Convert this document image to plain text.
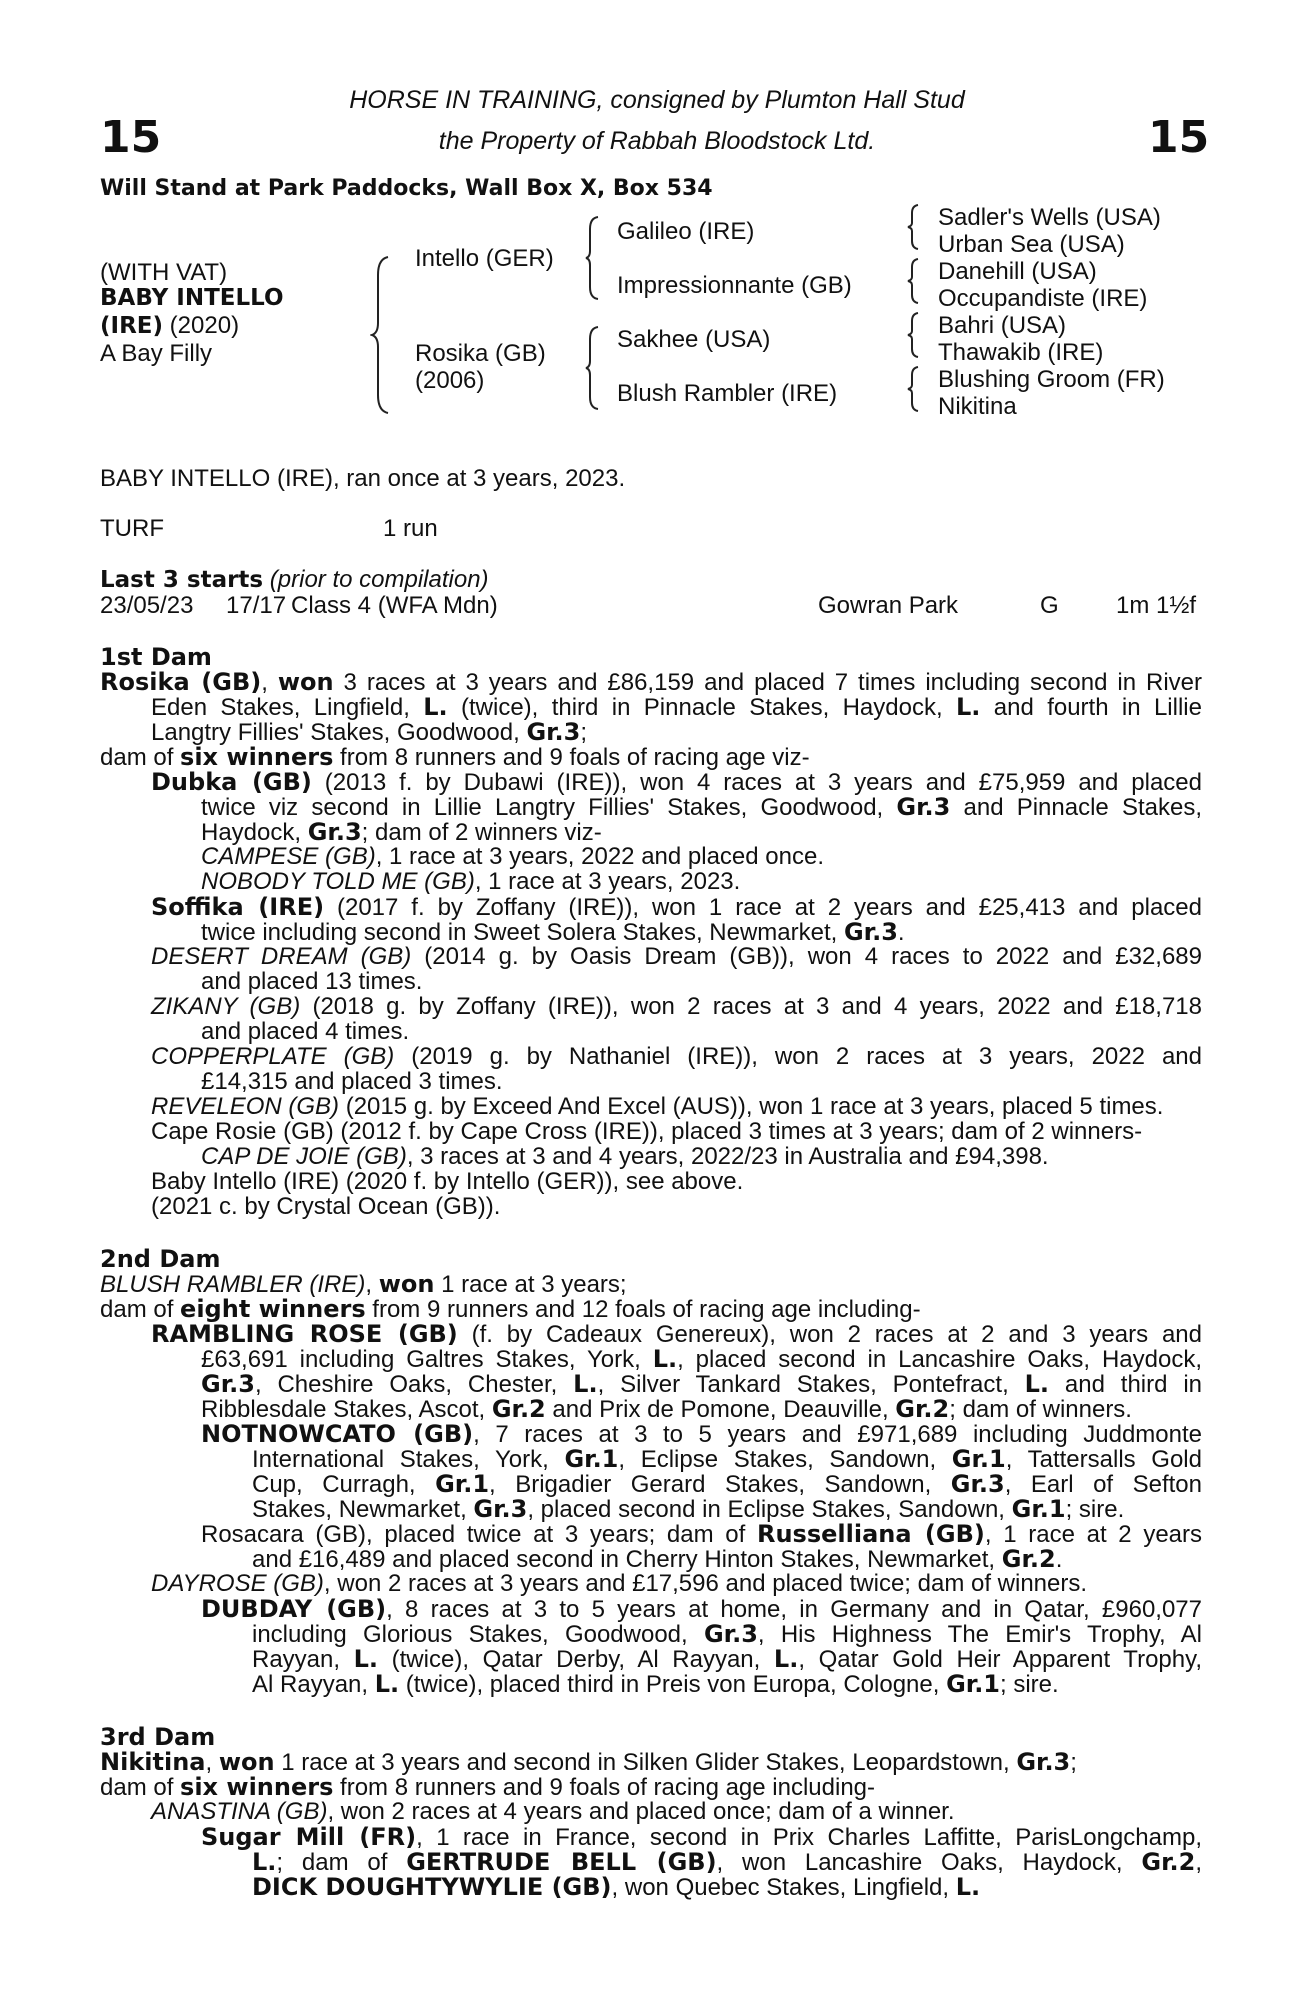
15	15
HORSE IN TRAINING, consigned by Plumton Hall Stud
the Property of Rabbah Bloodstock Ltd.
Will Stand at Park Paddocks, Wall Box X, Box 534
(WITH VAT)
BABY INTELLO
(IRE) (2020)
A Bay Filly
Intello (GER)
Rosika (GB)
(2006)
Galileo (IRE)
Impressionnante (GB)
Sakhee (USA)
Blush Rambler (IRE)
Sadler's Wells (USA)
Urban Sea (USA)
Danehill (USA)
Occupandiste (IRE)
Bahri (USA)
Thawakib (IRE)
Blushing Groom (FR)
Nikitina
BABY INTELLO (IRE), ran once at 3 years, 2023.
TURF	1 run
Last 3 starts (prior to compilation)
23/05/23 17/17 Class 4 (WFA Mdn)	Gowran Park	G 1m 1½f
1st Dam
Rosika (GB), won 3 races at 3 years and £86,159 and placed 7 times including second in River
Eden Stakes, Lingfield, L. (twice), third in Pinnacle Stakes, Haydock, L. and fourth in Lillie
Langtry Fillies' Stakes, Goodwood, Gr.3;
dam of six winners from 8 runners and 9 foals of racing age viz-
Dubka (GB) (2013 f. by Dubawi (IRE)), won 4 races at 3 years and £75,959 and placed
twice viz second in Lillie Langtry Fillies' Stakes, Goodwood, Gr.3 and Pinnacle Stakes,
Haydock, Gr.3; dam of 2 winners viz-
CAMPESE (GB), 1 race at 3 years, 2022 and placed once.
NOBODY TOLD ME (GB), 1 race at 3 years, 2023.
Soffika (IRE) (2017 f. by Zoffany (IRE)), won 1 race at 2 years and £25,413 and placed
twice including second in Sweet Solera Stakes, Newmarket, Gr.3.
DESERT DREAM (GB) (2014 g. by Oasis Dream (GB)), won 4 races to 2022 and £32,689
and placed 13 times.
ZIKANY (GB) (2018 g. by Zoffany (IRE)), won 2 races at 3 and 4 years, 2022 and £18,718
and placed 4 times.
COPPERPLATE (GB) (2019 g. by Nathaniel (IRE)), won 2 races at 3 years, 2022 and
£14,315 and placed 3 times.
REVELEON (GB) (2015 g. by Exceed And Excel (AUS)), won 1 race at 3 years, placed 5 times.
Cape Rosie (GB) (2012 f. by Cape Cross (IRE)), placed 3 times at 3 years; dam of 2 winners-
CAP DE JOIE (GB), 3 races at 3 and 4 years, 2022/23 in Australia and £94,398.
Baby Intello (IRE) (2020 f. by Intello (GER)), see above.
(2021 c. by Crystal Ocean (GB)).
2nd Dam
BLUSH RAMBLER (IRE), won 1 race at 3 years;
dam of eight winners from 9 runners and 12 foals of racing age including-
RAMBLING ROSE (GB) (f. by Cadeaux Genereux), won 2 races at 2 and 3 years and
£63,691 including Galtres Stakes, York, L., placed second in Lancashire Oaks, Haydock,
Gr.3, Cheshire Oaks, Chester, L., Silver Tankard Stakes, Pontefract, L. and third in
Ribblesdale Stakes, Ascot, Gr.2 and Prix de Pomone, Deauville, Gr.2; dam of winners.
NOTNOWCATO (GB), 7 races at 3 to 5 years and £971,689 including Juddmonte
International Stakes, York, Gr.1, Eclipse Stakes, Sandown, Gr.1, Tattersalls Gold
Cup, Curragh, Gr.1, Brigadier Gerard Stakes, Sandown, Gr.3, Earl of Sefton
Stakes, Newmarket, Gr.3, placed second in Eclipse Stakes, Sandown, Gr.1; sire.
Rosacara (GB), placed twice at 3 years; dam of Russelliana (GB), 1 race at 2 years
and £16,489 and placed second in Cherry Hinton Stakes, Newmarket, Gr.2.
DAYROSE (GB), won 2 races at 3 years and £17,596 and placed twice; dam of winners.
DUBDAY (GB), 8 races at 3 to 5 years at home, in Germany and in Qatar, £960,077
including Glorious Stakes, Goodwood, Gr.3, His Highness The Emir's Trophy, Al
Rayyan, L. (twice), Qatar Derby, Al Rayyan, L., Qatar Gold Heir Apparent Trophy,
Al Rayyan, L. (twice), placed third in Preis von Europa, Cologne, Gr.1; sire.
3rd Dam
Nikitina, won 1 race at 3 years and second in Silken Glider Stakes, Leopardstown, Gr.3;
dam of six winners from 8 runners and 9 foals of racing age including-
ANASTINA (GB), won 2 races at 4 years and placed once; dam of a winner.
Sugar Mill (FR), 1 race in France, second in Prix Charles Laffitte, ParisLongchamp,
L.; dam of GERTRUDE BELL (GB), won Lancashire Oaks, Haydock, Gr.2,
DICK DOUGHTYWYLIE (GB), won Quebec Stakes, Lingfield, L.
